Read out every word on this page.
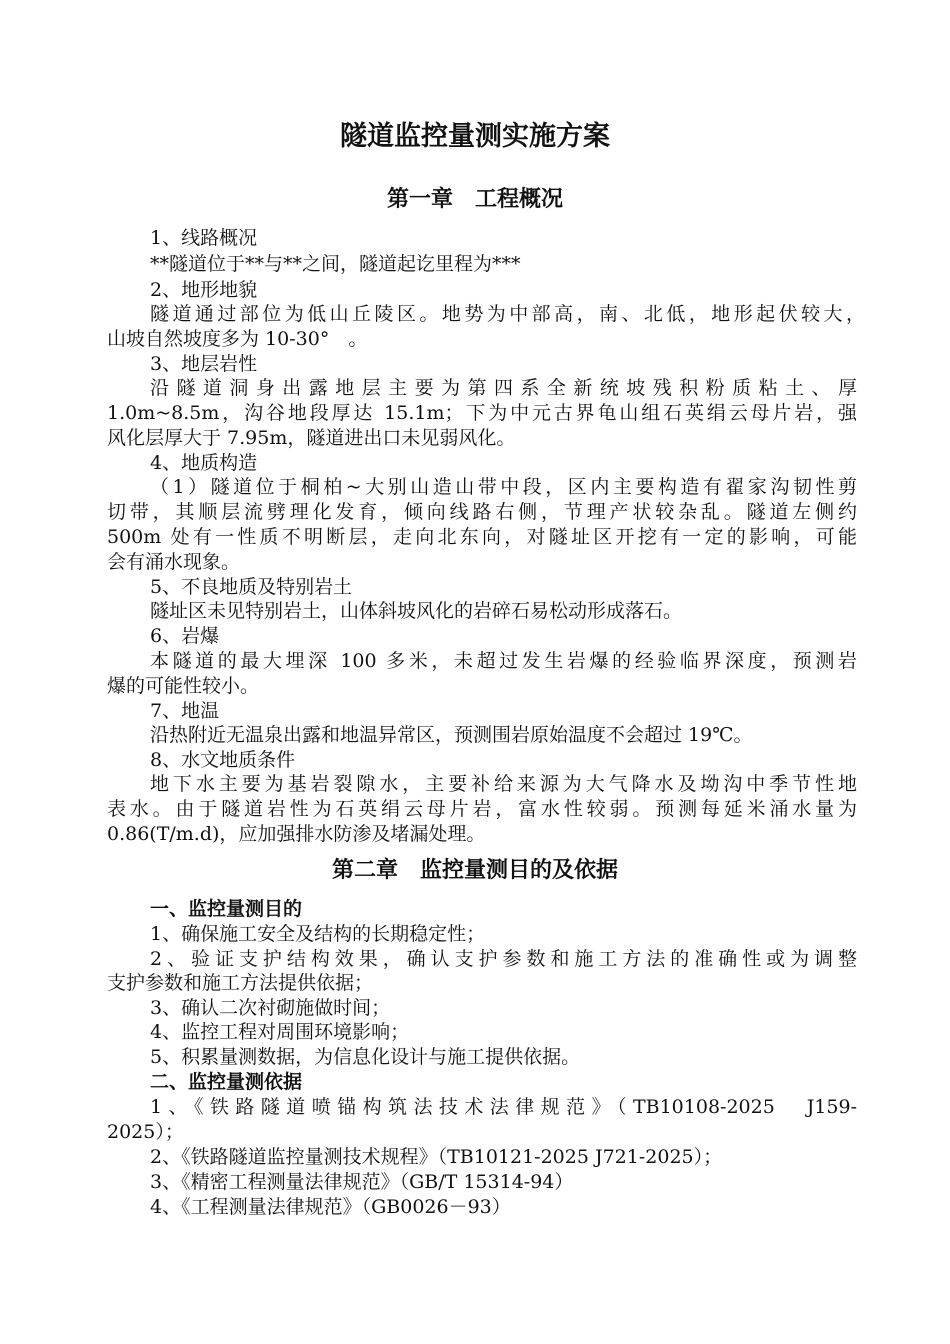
隧道监控量测实施方案
第一章　工程概况
1、线路概况
**隧道位于**与**之间，隧道起讫里程为***
2、地形地貌
隧道通过部位为低山丘陵区。地势为中部高，南、北低，地形起伏较大，
山坡自然坡度多为 10-30°　。
3、地层岩性
沿隧道洞身出露地层主要为第四系全新统坡残积粉质粘土、厚
1.0m~8.5m，沟谷地段厚达 15.1m；下为中元古界龟山组石英绢云母片岩，强
风化层厚大于 7.95m，隧道进出口未见弱风化。
4、地质构造
（1）隧道位于桐柏~大别山造山带中段，区内主要构造有翟家沟韧性剪
切带，其顺层流劈理化发育，倾向线路右侧，节理产状较杂乱。隧道左侧约
500m 处有一性质不明断层，走向北东向，对隧址区开挖有一定的影响，可能
会有涌水现象。
5、不良地质及特别岩土
隧址区未见特别岩土，山体斜坡风化的岩碎石易松动形成落石。
6、岩爆
本隧道的最大埋深 100 多米，未超过发生岩爆的经验临界深度，预测岩
爆的可能性较小。
7、地温
沿热附近无温泉出露和地温异常区，预测围岩原始温度不会超过 19℃。
8、水文地质条件
地下水主要为基岩裂隙水，主要补给来源为大气降水及坳沟中季节性地
表水。由于隧道岩性为石英绢云母片岩，富水性较弱。预测每延米涌水量为
0.86(T/m.d)，应加强排水防渗及堵漏处理。
第二章　监控量测目的及依据
一、监控量测目的
1、确保施工安全及结构的长期稳定性；
2、验证支护结构效果，确认支护参数和施工方法的准确性或为调整
支护参数和施工方法提供依据；
3、确认二次衬砌施做时间；
4、监控工程对周围环境影响；
5、积累量测数据，为信息化设计与施工提供依据。
二、监控量测依据
1、《铁路隧道喷锚构筑法技术法律规范》（TB10108-2025　J159-
2025）；
2、《铁路隧道监控量测技术规程》（TB10121-2025 J721-2025）；
3、《精密工程测量法律规范》（GB/T 15314-94）
4、《工程测量法律规范》（GB0026－93）
